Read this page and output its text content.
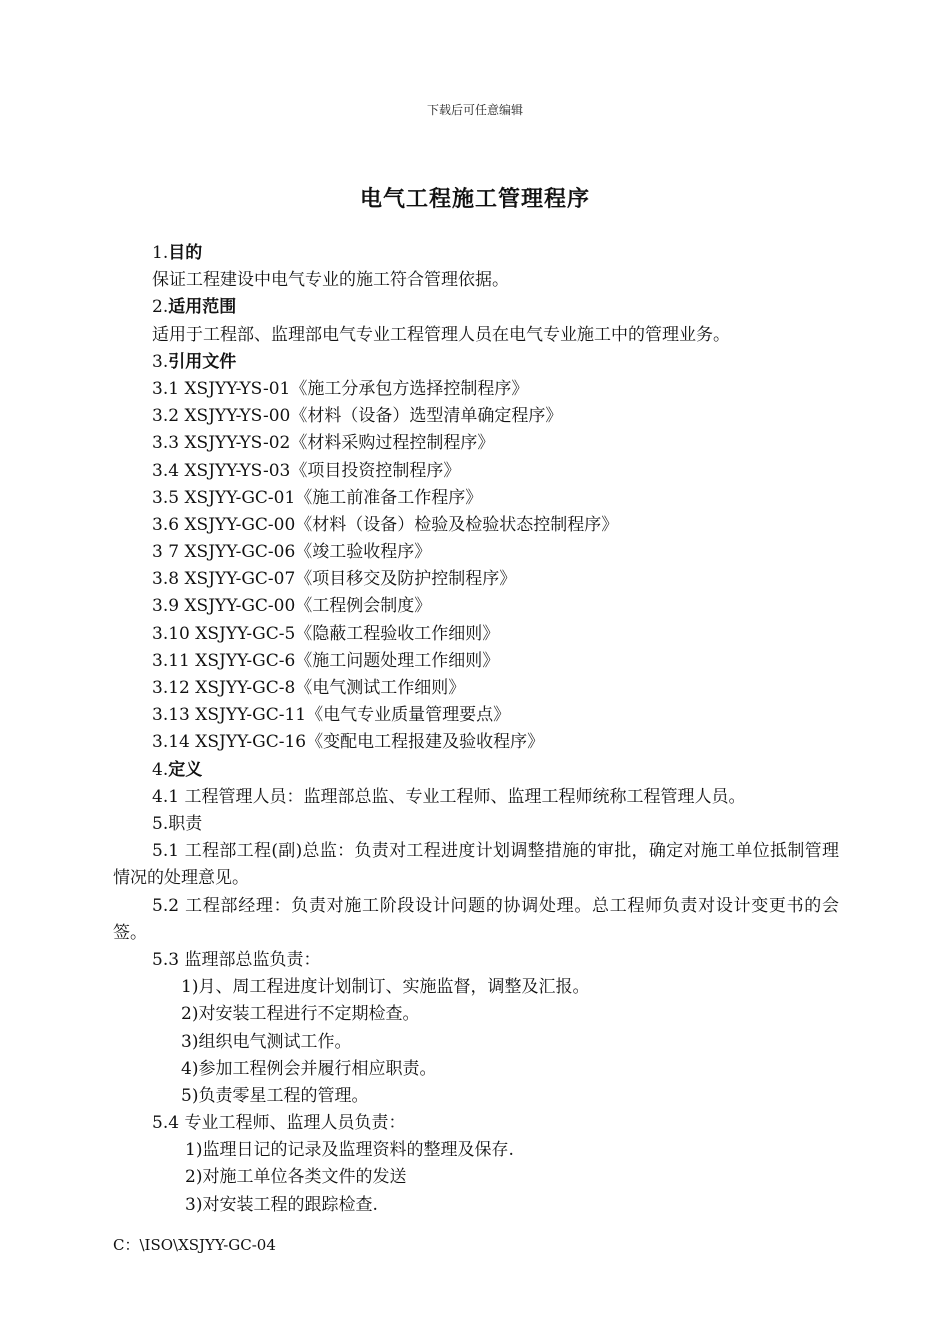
下载后可任意编辑
电气工程施工管理程序
1.目的
保证工程建设中电气专业的施工符合管理依据。
2.适用范围
适用于工程部、监理部电气专业工程管理人员在电气专业施工中的管理业务。
3.引用文件
3.1 XSJYY-YS-01《施工分承包方选择控制程序》
3.2 XSJYY-YS-00《材料（设备）选型清单确定程序》
3.3 XSJYY-YS-02《材料采购过程控制程序》
3.4 XSJYY-YS-03《项目投资控制程序》
3.5 XSJYY-GC-01《施工前准备工作程序》
3.6 XSJYY-GC-00《材料（设备）检验及检验状态控制程序》
3 7 XSJYY-GC-06《竣工验收程序》
3.8 XSJYY-GC-07《项目移交及防护控制程序》
3.9 XSJYY-GC-00《工程例会制度》
3.10 XSJYY-GC-5《隐蔽工程验收工作细则》
3.11 XSJYY-GC-6《施工问题处理工作细则》
3.12 XSJYY-GC-8《电气测试工作细则》
3.13 XSJYY-GC-11《电气专业质量管理要点》
3.14 XSJYY-GC-16《变配电工程报建及验收程序》
4.定义
4.1 工程管理人员：监理部总监、专业工程师、监理工程师统称工程管理人员。
5.职责
5.1 工程部工程(副)总监：负责对工程进度计划调整措施的审批，确定对施工单位抵制管理情况的处理意见。
5.2 工程部经理：负责对施工阶段设计问题的协调处理。总工程师负责对设计变更书的会签。
5.3 监理部总监负责：
1)月、周工程进度计划制订、实施监督，调整及汇报。
2)对安装工程进行不定期检查。
3)组织电气测试工作。
4)参加工程例会并履行相应职责。
5)负责零星工程的管理。
5.4 专业工程师、监理人员负责：
1)监理日记的记录及监理资料的整理及保存.
2)对施工单位各类文件的发送
3)对安装工程的跟踪检查.
C：\ISO\XSJYY-GC-04
